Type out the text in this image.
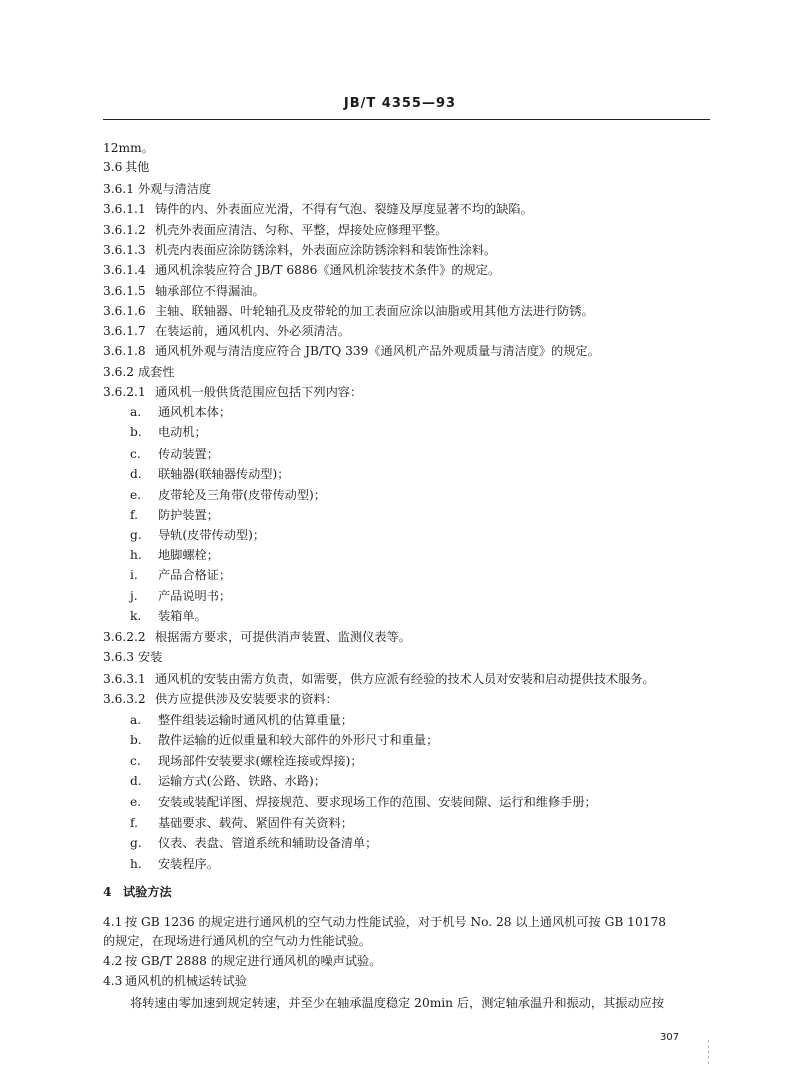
JB/T 4355—93
12mm。
3.6 其他
3.6.1 外观与清洁度
3.6.1.1 铸件的内、外表面应光滑，不得有气泡、裂缝及厚度显著不均的缺陷。
3.6.1.2 机壳外表面应清洁、匀称、平整，焊接处应修理平整。
3.6.1.3 机壳内表面应涂防锈涂料，外表面应涂防锈涂料和装饰性涂料。
3.6.1.4 通风机涂装应符合 JB/T 6886《通风机涂装技术条件》的规定。
3.6.1.5 轴承部位不得漏油。
3.6.1.6 主轴、联轴器、叶轮轴孔及皮带轮的加工表面应涂以油脂或用其他方法进行防锈。
3.6.1.7 在装运前，通风机内、外必须清洁。
3.6.1.8 通风机外观与清洁度应符合 JB/TQ 339《通风机产品外观质量与清洁度》的规定。
3.6.2 成套性
3.6.2.1 通风机一般供货范围应包括下列内容：
a. 通风机本体；
b. 电动机；
c. 传动装置；
d. 联轴器(联轴器传动型)；
e. 皮带轮及三角带(皮带传动型)；
f. 防护装置；
g. 导轨(皮带传动型)；
h. 地脚螺栓；
i. 产品合格证；
j. 产品说明书；
k. 装箱单。
3.6.2.2 根据需方要求，可提供消声装置、监测仪表等。
3.6.3 安装
3.6.3.1 通风机的安装由需方负责，如需要，供方应派有经验的技术人员对安装和启动提供技术服务。
3.6.3.2 供方应提供涉及安装要求的资料：
a. 整件组装运输时通风机的估算重量；
b. 散件运输的近似重量和较大部件的外形尺寸和重量；
c. 现场部件安装要求(螺栓连接或焊接)；
d. 运输方式(公路、铁路、水路)；
e. 安装或装配详图、焊接规范、要求现场工作的范围、安装间隙、运行和维修手册；
f. 基础要求、载荷、紧固件有关资料；
g. 仪表、表盘、管道系统和辅助设备清单；
h. 安装程序。
4 试验方法
4.1 按 GB 1236 的规定进行通风机的空气动力性能试验，对于机号 No. 28 以上通风机可按 GB 10178
的规定，在现场进行通风机的空气动力性能试验。
4.2 按 GB/T 2888 的规定进行通风机的噪声试验。
4.3 通风机的机械运转试验
将转速由零加速到规定转速，并至少在轴承温度稳定 20min 后，测定轴承温升和振动，其振动应按
307
